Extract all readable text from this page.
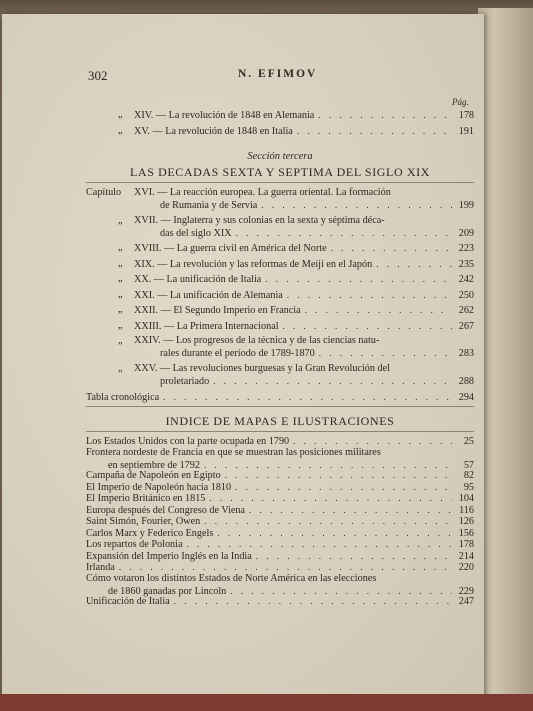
302	N. EFIMOV
Pág.
„ XIV. — La revolución de 1848 en Alemania . . .	178
„ XV. — La revolución de 1848 en Italia . . .	191
Sección tercera
LAS DECADAS SEXTA Y SEPTIMA DEL SIGLO XIX
Capítulo	XVI. — La reacción europea. La guerra oriental. La formación
de Rumania y de Servia . . .	199
„	XVII. — Inglaterra y sus colonias en la sexta y séptima déca-
das del siglo XIX . . .	209
„ XVIII. — La guerra civil en América del Norte . . .	223
„ XIX. — La revolución y las reformas de Meiji en el Japón . . .	235
„ XX. — La unificación de Italia . . .	242
„ XXI. — La unificación de Alemania . . .	250
„ XXII. — El Segundo Imperio en Francia . . .	262
„ XXIII. — La Primera Internacional . . .	267
„	XXIV. — Los progresos de la técnica y de las ciencias natu-
rales durante el período de 1789-1870 . . .	283
„	XXV. — Las revoluciones burguesas y la Gran Revolución del
proletariado . . .	288
Tabla cronológica . . .	294
INDICE DE MAPAS E ILUSTRACIONES
Los Estados Unidos con la parte ocupada en 1790 . . .	25
Frontera nordeste de Francia en que se muestran las posiciones militares
en septiembre de 1792 . . .	57
Campaña de Napoleón en Egipto . . .	82
El Imperio de Napoleón hacia 1810 . . .	95
El Imperio Británico en 1815 . . .	104
Europa después del Congreso de Viena . . .	116
Saint Simón, Fourier, Owen . . .	126
Carlos Marx y Federico Engels . . .	156
Los repartos de Polonia . . .	178
Expansión del Imperio Inglés en la India . . .	214
Irlanda . . .	220
Cómo votaron los distintos Estados de Norte América en las elecciones
de 1860 ganadas por Lincoln . . .	229
Unificación de Italia . . .	247
